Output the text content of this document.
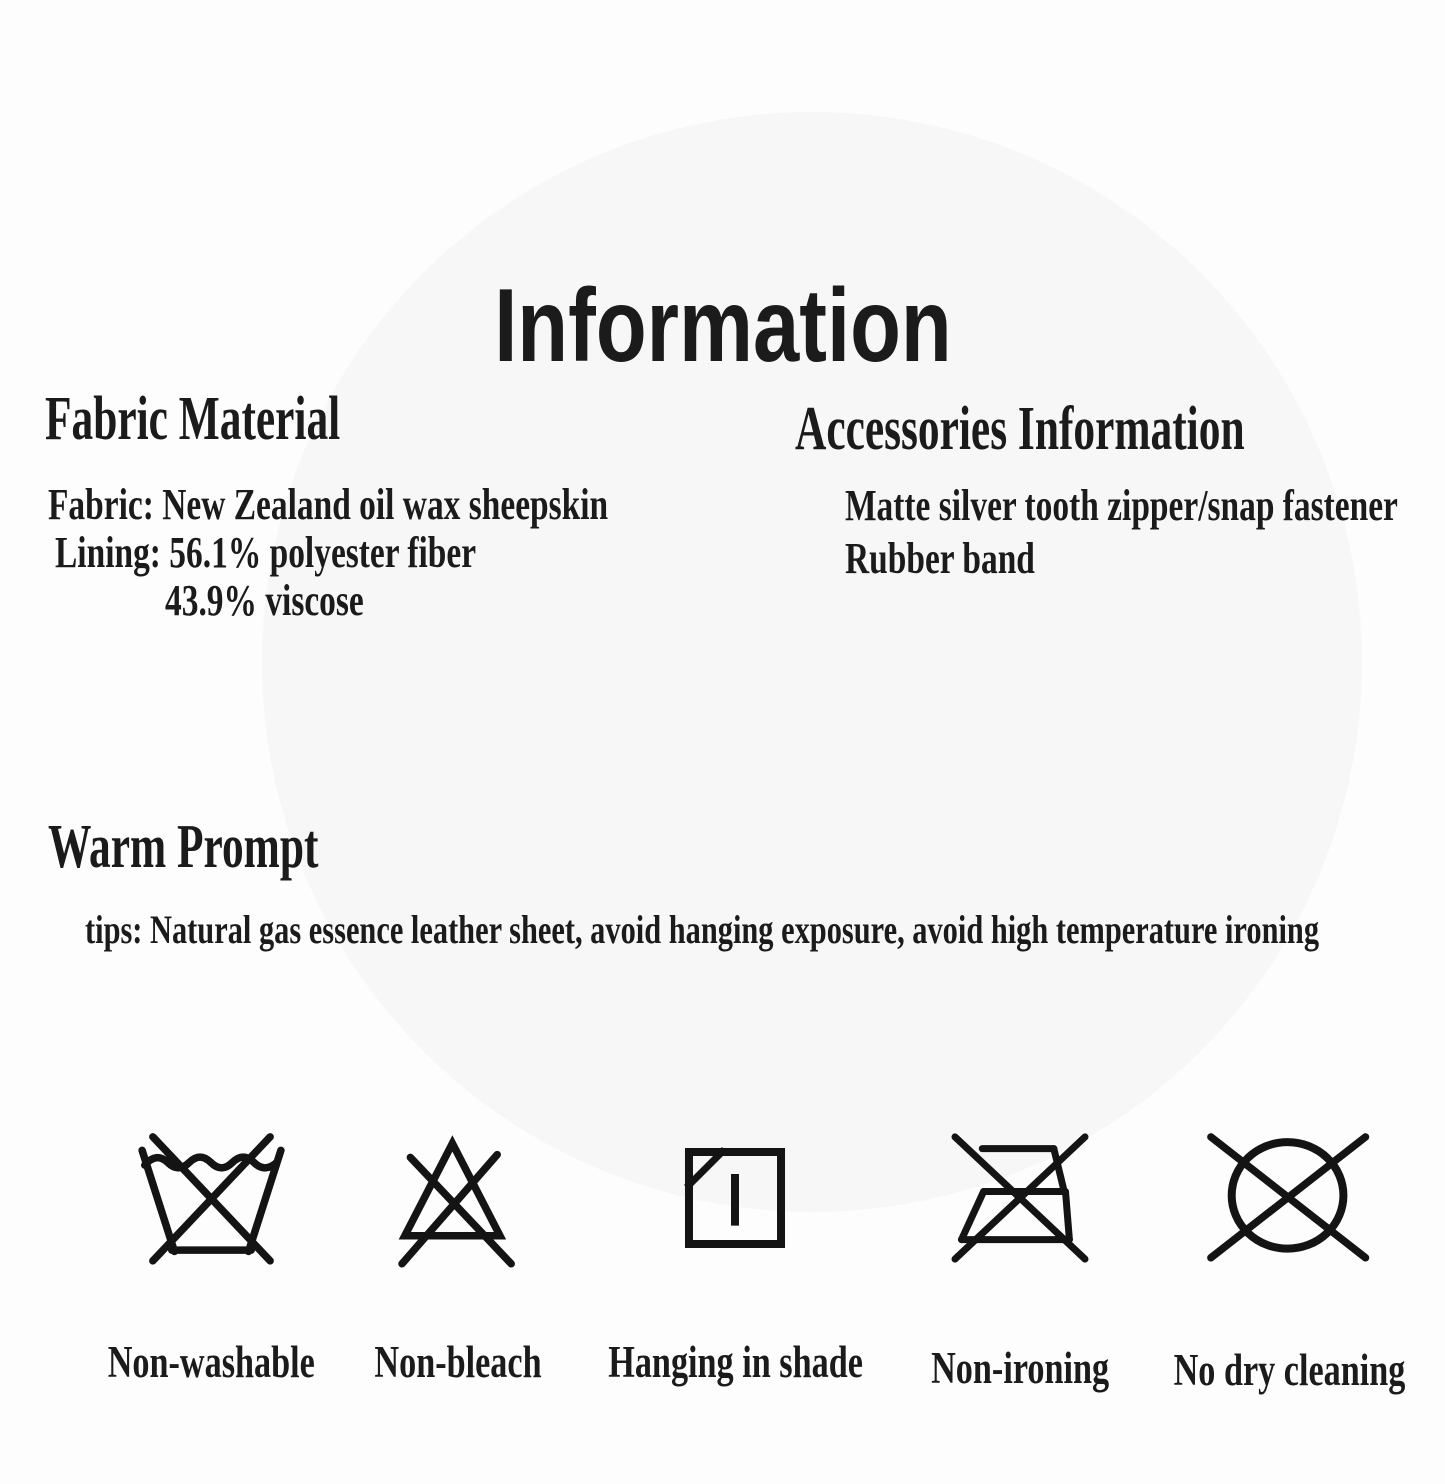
Information
Fabric Material
Fabric: New Zealand oil wax sheepskin
Lining: 56.1% polyester fiber
43.9% viscose
Accessories Information
Matte silver tooth zipper/snap fastener
Rubber band
Warm Prompt
tips: Natural gas essence leather sheet, avoid hanging exposure, avoid high temperature ironing
Non-washable	Non-bleach	Hanging in shade	Non-ironing	No dry cleaning
